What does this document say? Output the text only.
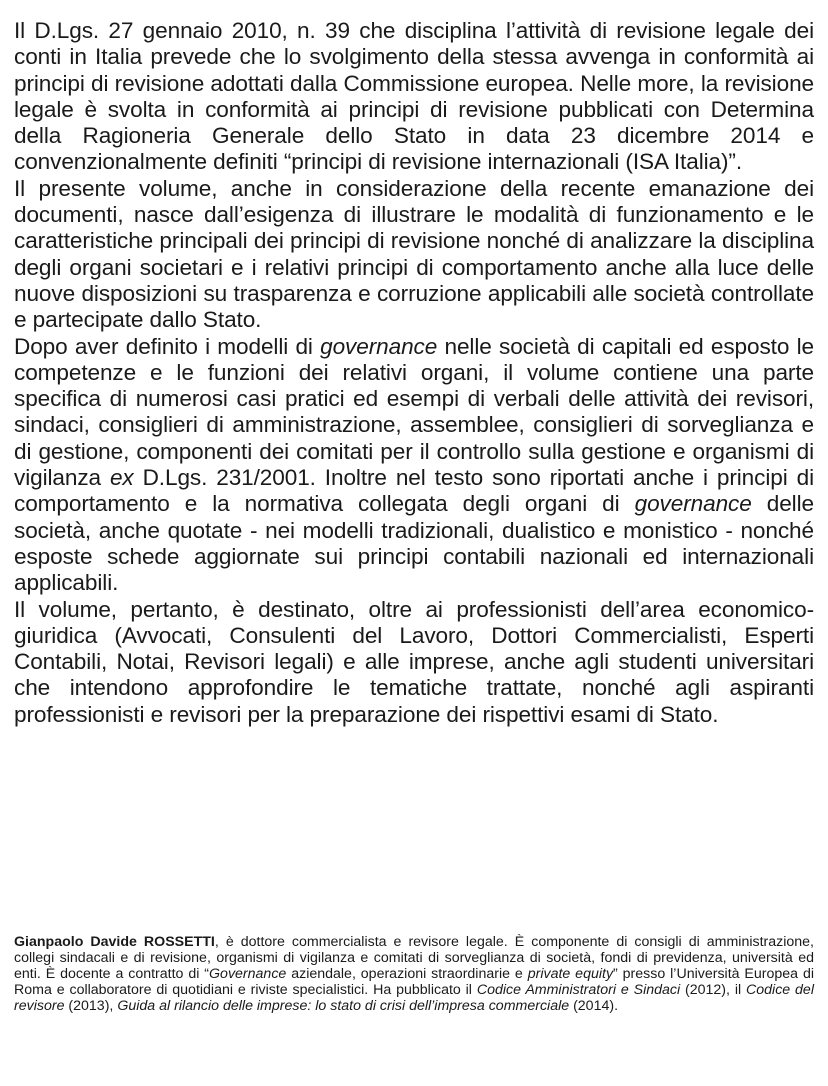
Il D.Lgs. 27 gennaio 2010, n. 39 che disciplina l’attività di revisione legale dei conti in Italia prevede che lo svolgimento della stessa avvenga in conformità ai principi di revisione adottati dalla Commissione europea. Nelle more, la revisione legale è svolta in conformità ai principi di revisione pubblicati con Determina della Ragioneria Generale dello Stato in data 23 dicembre 2014 e convenzionalmente definiti “principi di revisione internazionali (ISA Italia)”.

Il presente volume, anche in considerazione della recente emanazione dei documenti, nasce dall’esigenza di illustrare le modalità di funzionamento e le caratteristiche principali dei principi di revisione nonché di analizzare la disciplina degli organi societari e i relativi principi di comportamento anche alla luce delle nuove disposizioni su trasparenza e corruzione applicabili alle società controllate e partecipate dallo Stato.

Dopo aver definito i modelli di governance nelle società di capitali ed esposto le competenze e le funzioni dei relativi organi, il volume contiene una parte specifica di numerosi casi pratici ed esempi di verbali delle attività dei revisori, sindaci, consiglieri di amministrazione, assemblee, consiglieri di sorveglianza e di gestione, componenti dei comitati per il controllo sulla gestione e organismi di vigilanza ex D.Lgs. 231/2001. Inoltre nel testo sono riportati anche i principi di comportamento e la normativa collegata degli organi di governance delle società, anche quotate - nei modelli tradizionali, dualistico e monistico - nonché esposte schede aggiornate sui principi contabili nazionali ed internazionali applicabili.

Il volume, pertanto, è destinato, oltre ai professionisti dell’area economico-giuridica (Avvocati, Consulenti del Lavoro, Dottori Commercialisti, Esperti Contabili, Notai, Revisori legali) e alle imprese, anche agli studenti universitari che intendono approfondire le tematiche trattate, nonché agli aspiranti professionisti e revisori per la preparazione dei rispettivi esami di Stato.

Gianpaolo Davide ROSSETTI, è dottore commercialista e revisore legale. È componente di consigli di amministrazione, collegi sindacali e di revisione, organismi di vigilanza e comitati di sorveglianza di società, fondi di previdenza, università ed enti. È docente a contratto di “Governance aziendale, operazioni straordinarie e private equity” presso l’Università Europea di Roma e collaboratore di quotidiani e riviste specialistici. Ha pubblicato il Codice Amministratori e Sindaci (2012), il Codice del revisore (2013), Guida al rilancio delle imprese: lo stato di crisi dell’impresa commerciale (2014).
